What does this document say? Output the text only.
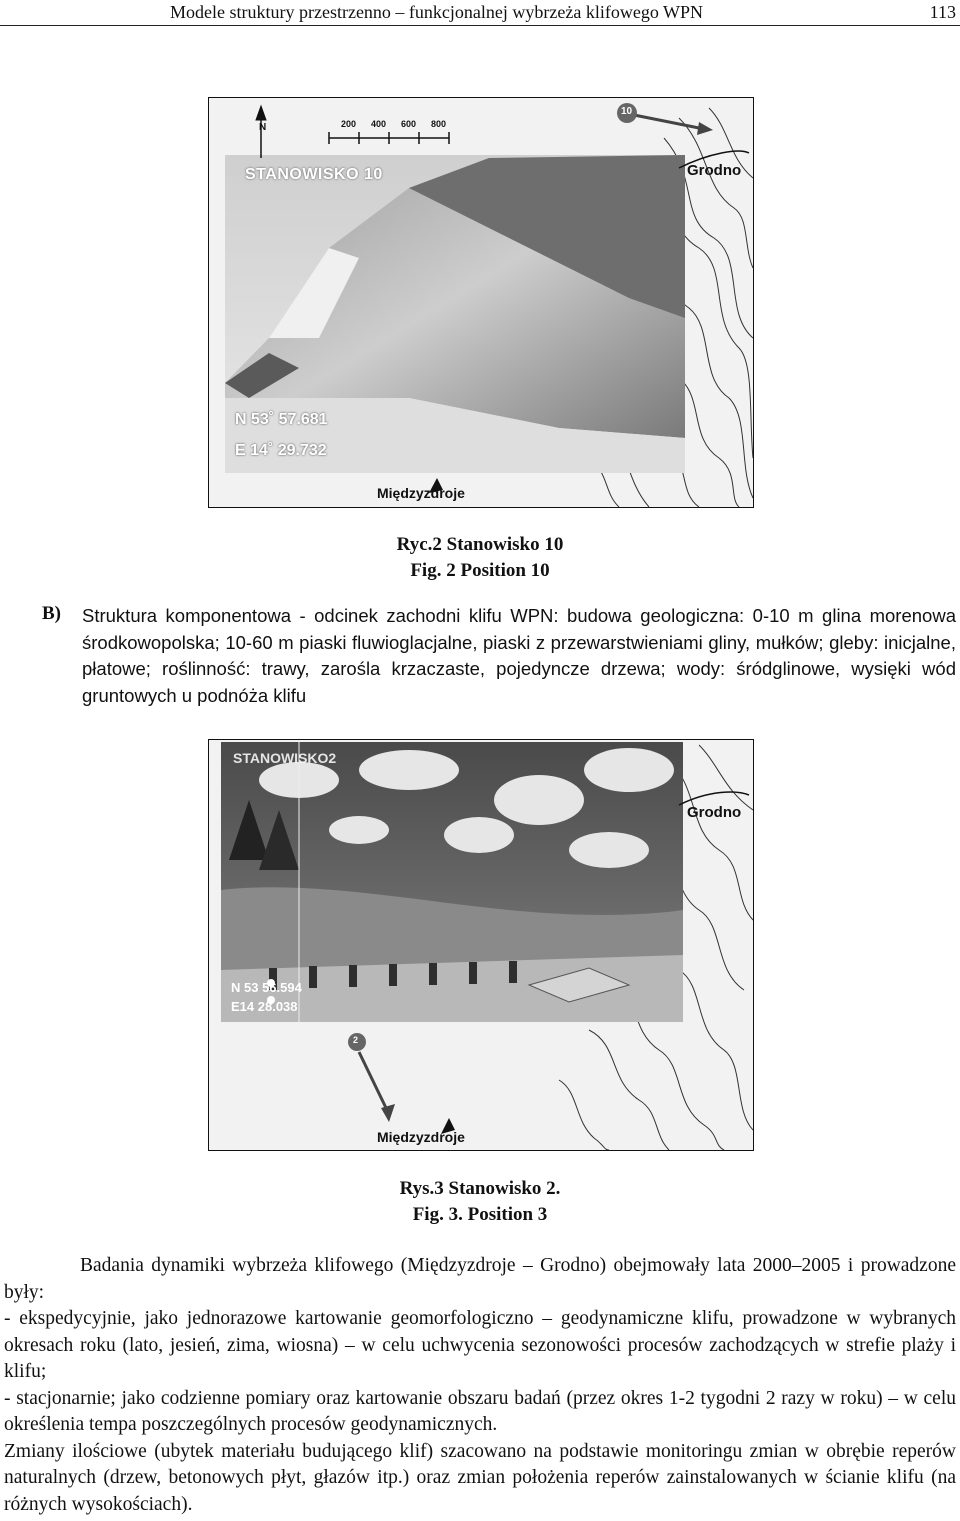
Modele struktury przestrzenno – funkcjonalnej wybrzeża klifowego WPN	113
N	200 400 600 800
10
STANOWISKO 10	Grodno
N 53˚ 57.681
E 14˚ 29.732
Międzyzdroje
Ryc.2 Stanowisko 10
Fig. 2 Position 10
B) Struktura komponentowa - odcinek zachodni klifu WPN: budowa geologiczna: 0-10 m glina morenowa środkowopolska; 10-60 m piaski fluwioglacjalne, piaski z przewarstwieniami gliny, mułków; gleby: inicjalne, płatowe; roślinność: trawy, zarośla krzaczaste, pojedyncze drzewa; wody: śródglinowe, wysięki wód gruntowych u podnóża klifu
STANOWISKO2
Grodno
N 53 56.594
E14 28.038
2
Międzyzdroje
Rys.3 Stanowisko 2.
Fig. 3. Position 3
Badania dynamiki wybrzeża klifowego (Międzyzdroje – Grodno) obejmowały lata 2000–2005 i prowadzone były:
- ekspedycyjnie, jako jednorazowe kartowanie geomorfologiczno – geodynamiczne klifu, prowadzone w wybranych okresach roku (lato, jesień, zima, wiosna) – w celu uchwycenia sezonowości procesów zachodzących w strefie plaży i klifu;
- stacjonarnie; jako codzienne pomiary oraz kartowanie obszaru badań (przez okres 1-2 tygodni 2 razy w roku) – w celu określenia tempa poszczególnych procesów geodynamicznych.
Zmiany ilościowe (ubytek materiału budującego klif) szacowano na podstawie monitoringu zmian w obrębie reperów naturalnych (drzew, betonowych płyt, głazów itp.) oraz zmian położenia reperów zainstalowanych w ścianie klifu (na różnych wysokościach).
